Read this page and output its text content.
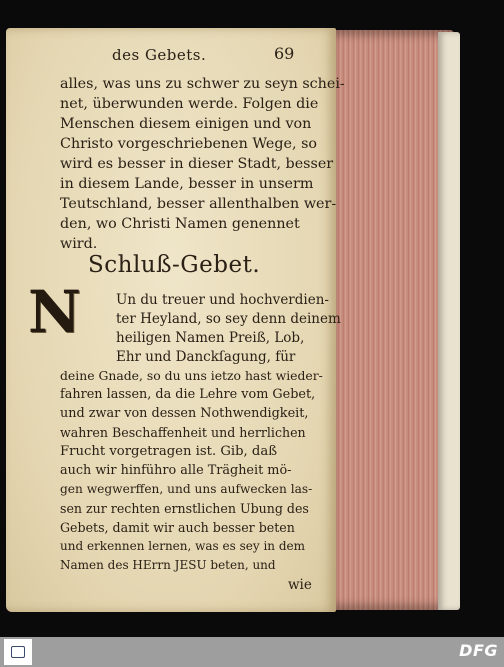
des Gebets.	69
alles, was uns zu schwer zu seyn schei-
net, überwunden werde. Folgen die
Menschen diesem einigen und von
Christo vorgeschriebenen Wege, so
wird es besser in dieser Stadt, besser
in diesem Lande, besser in unserm
Teutschland, besser allenthalben wer-
den, wo Christi Namen genennet
wird.
Schluß-Gebet.
N	Un du treuer und hochverdien-
ter Heyland, so sey denn deinem
heiligen Namen Preiß, Lob,
Ehr und Danckſagung, für
deine Gnade, so du uns ietzo hast wieder-
fahren lassen, da die Lehre vom Gebet,
und zwar von dessen Nothwendigkeit,
wahren Beschaffenheit und herrlichen
Frucht vorgetragen ist. Gib, daß
auch wir hinführo alle Trägheit mö-
gen wegwerffen, und uns aufwecken las-
sen zur rechten ernstlichen Ubung des
Gebets, damit wir auch besser beten
und erkennen lernen, was es sey in dem
Namen des HErrn JESU beten, und
wie
DFG
